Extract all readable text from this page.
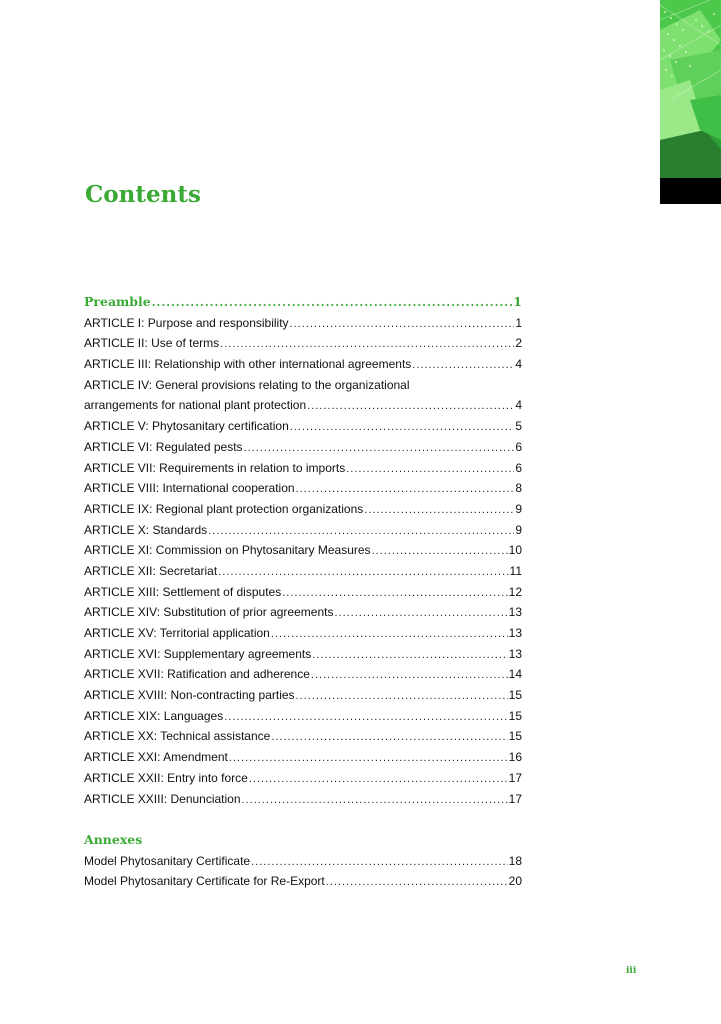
Contents
Preamble .....	1
ARTICLE I: Purpose and responsibility .....	1
ARTICLE II: Use of terms .....	2
ARTICLE III: Relationship with other international agreements .....	4
ARTICLE IV: General provisions relating to the organizational
arrangements for national plant protection .....	4
ARTICLE V: Phytosanitary certification .....	5
ARTICLE VI: Regulated pests .....	6
ARTICLE VII: Requirements in relation to imports .....	6
ARTICLE VIII: International cooperation .....	8
ARTICLE IX: Regional plant protection organizations .....	9
ARTICLE X: Standards .....	9
ARTICLE XI: Commission on Phytosanitary Measures .....	10
ARTICLE XII: Secretariat .....	11
ARTICLE XIII: Settlement of disputes .....	12
ARTICLE XIV: Substitution of prior agreements .....	13
ARTICLE XV: Territorial application .....	13
ARTICLE XVI: Supplementary agreements .....	13
ARTICLE XVII: Ratification and adherence .....	14
ARTICLE XVIII: Non-contracting parties .....	15
ARTICLE XIX: Languages .....	15
ARTICLE XX: Technical assistance .....	15
ARTICLE XXI: Amendment .....	16
ARTICLE XXII: Entry into force .....	17
ARTICLE XXIII: Denunciation .....	17
Annexes
Model Phytosanitary Certificate .....	18
Model Phytosanitary Certificate for Re-Export .....	20
iii
